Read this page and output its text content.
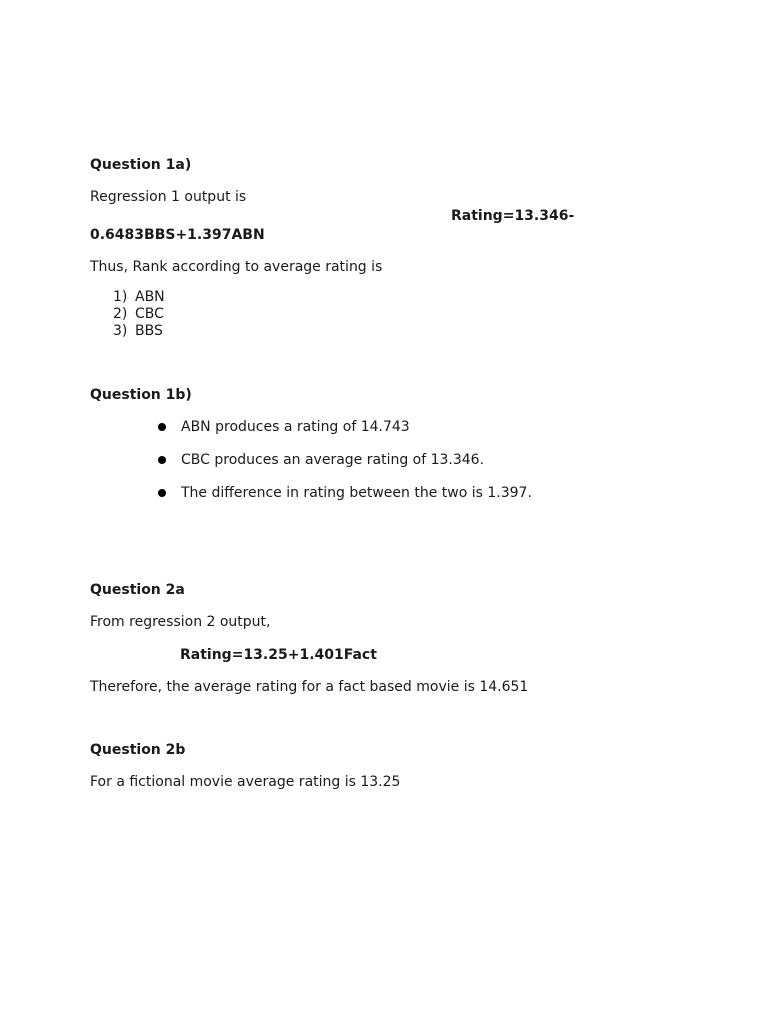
Question 1a)
Regression 1 output is
Rating=13.346-
0.6483BBS+1.397ABN
Thus, Rank according to average rating is
1) ABN
2) CBC
3) BBS
Question 1b)
ABN produces a rating of 14.743
CBC produces an average rating of 13.346.
The difference in rating between the two is 1.397.
Question 2a
From regression 2 output,
Rating=13.25+1.401Fact
Therefore, the average rating for a fact based movie is 14.651
Question 2b
For a fictional movie average rating is 13.25
